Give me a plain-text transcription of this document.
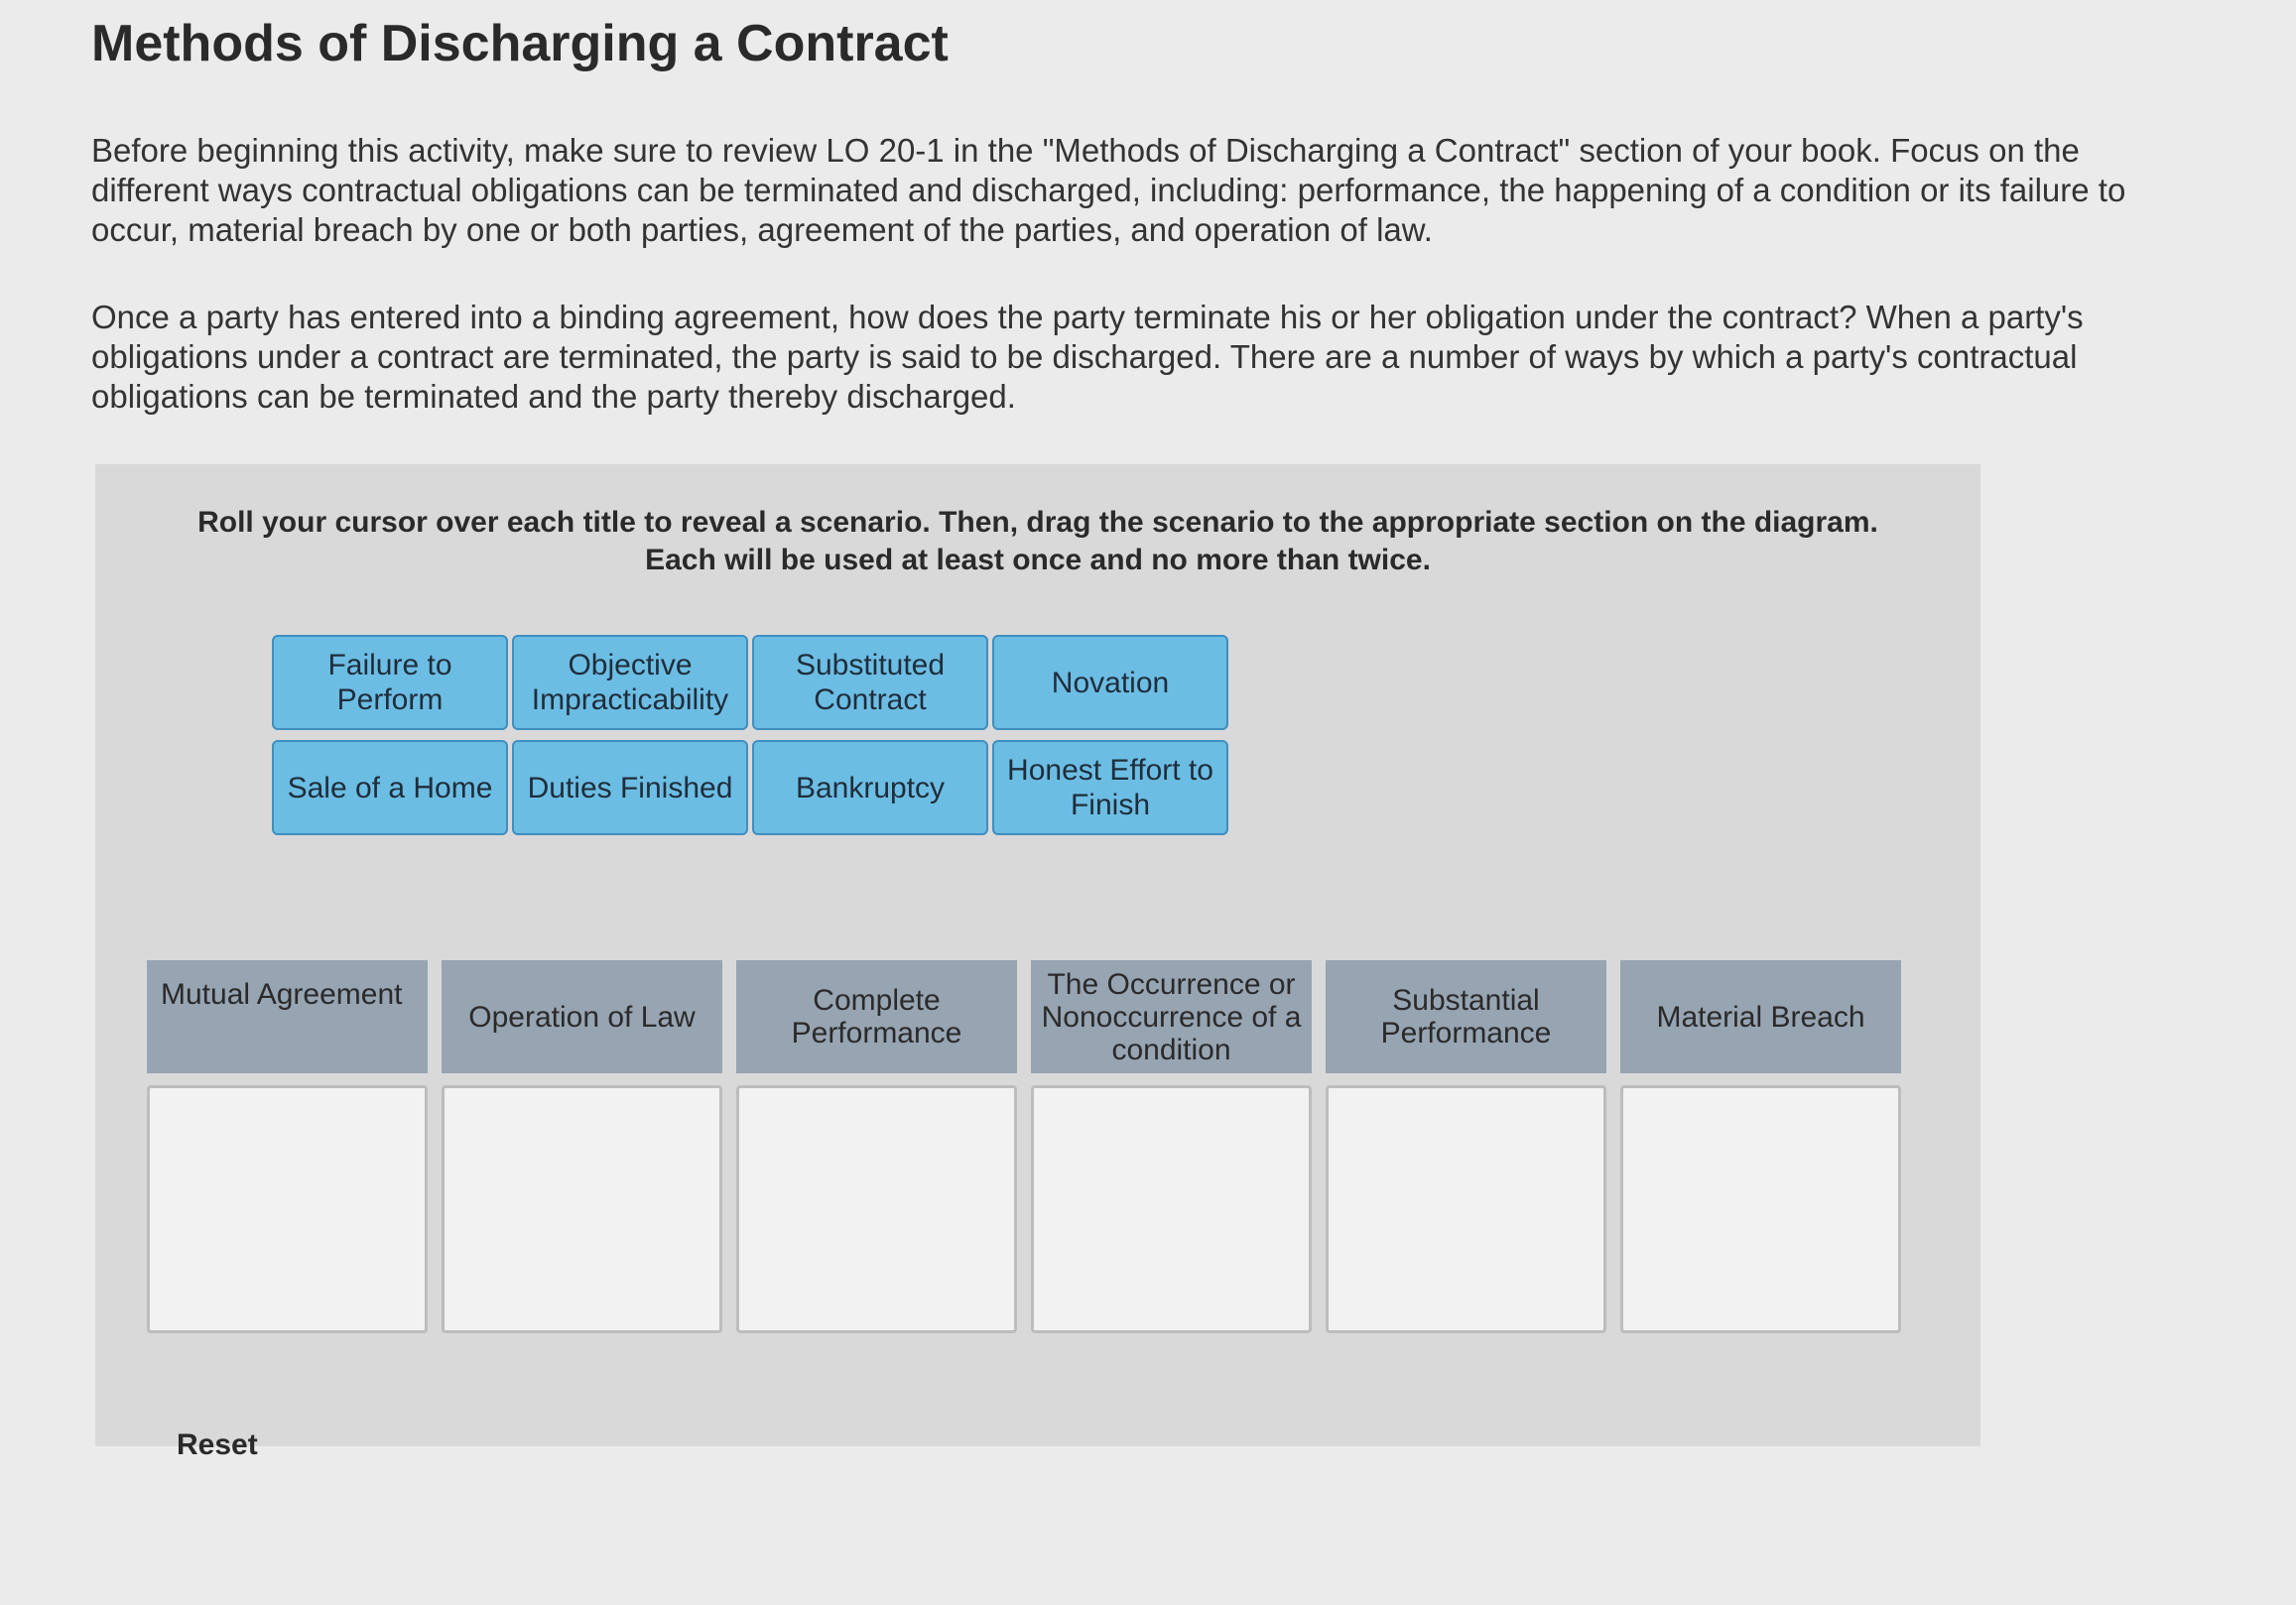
Methods of Discharging a Contract

Before beginning this activity, make sure to review LO 20-1 in the "Methods of Discharging a Contract" section of your book. Focus on the different ways contractual obligations can be terminated and discharged, including: performance, the happening of a condition or its failure to occur, material breach by one or both parties, agreement of the parties, and operation of law.

Once a party has entered into a binding agreement, how does the party terminate his or her obligation under the contract? When a party's obligations under a contract are terminated, the party is said to be discharged. There are a number of ways by which a party's contractual obligations can be terminated and the party thereby discharged.

Roll your cursor over each title to reveal a scenario. Then, drag the scenario to the appropriate section on the diagram. Each will be used at least once and no more than twice.

Failure to Perform
Objective Impracticability
Substituted Contract
Novation
Sale of a Home	Duties Finished	Bankruptcy
Honest Effort to Finish
Mutual Agreement
Operation of Law	Complete Performance
The Occurrence or Nonoccurrence of a condition
Substantial Performance	Material Breach
Reset
